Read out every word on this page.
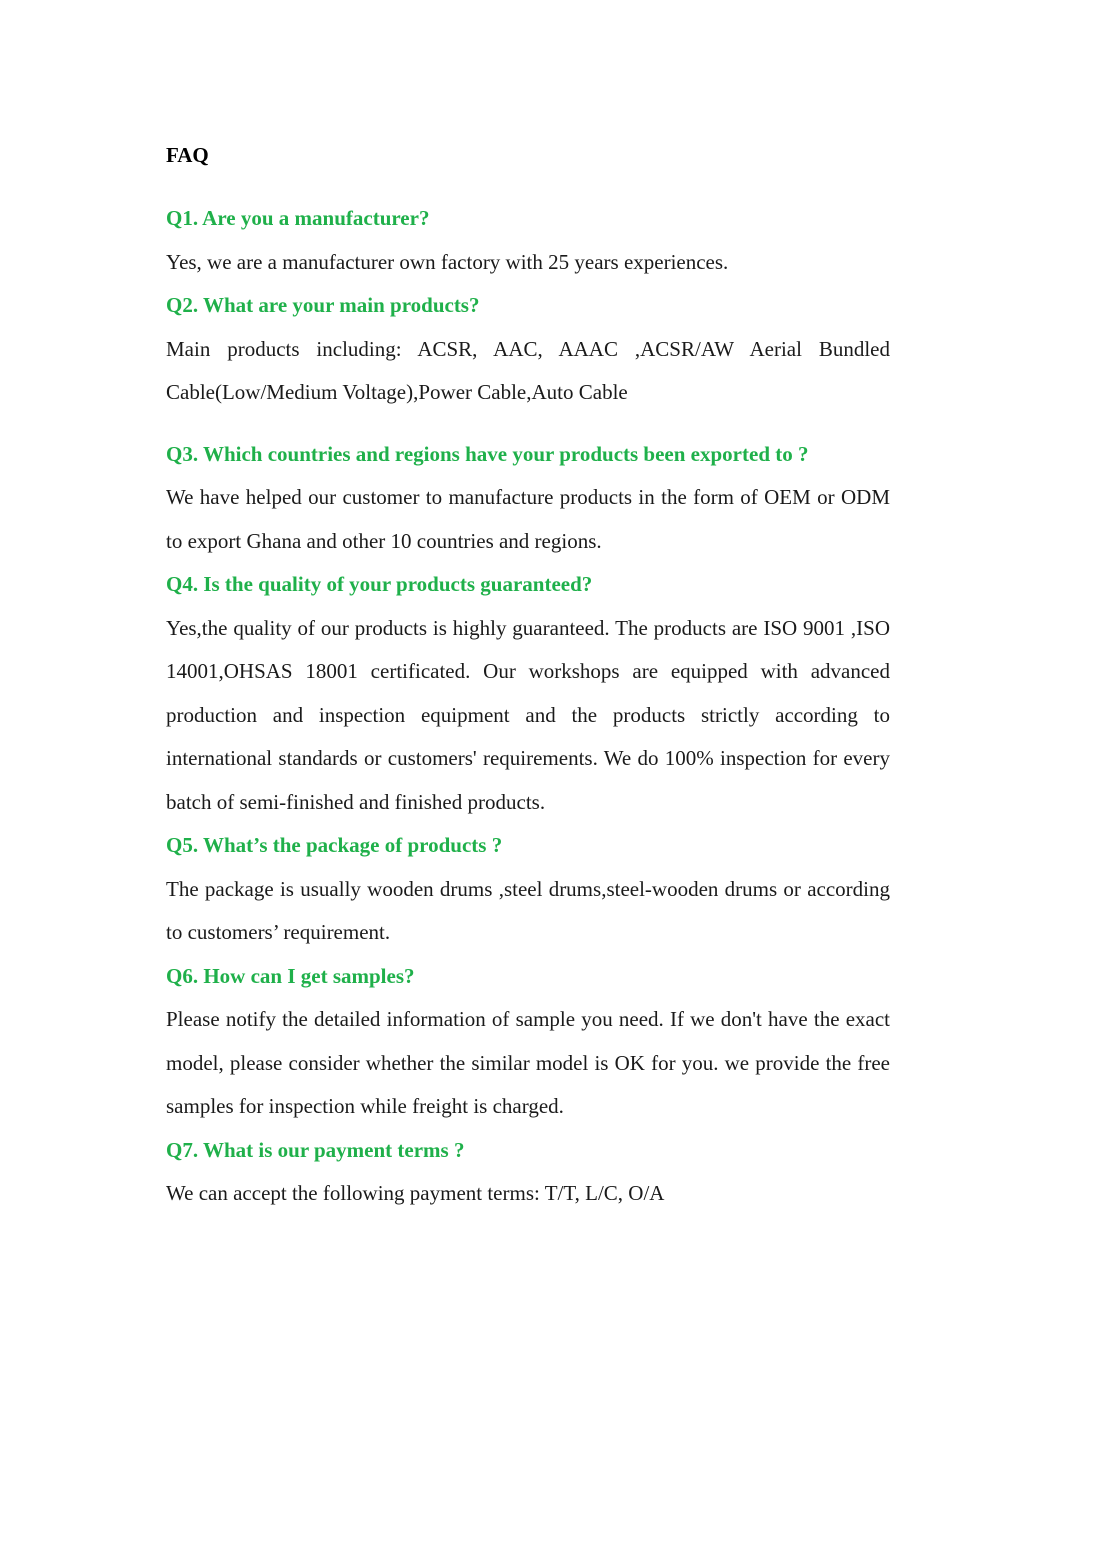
FAQ

Q1. Are you a manufacturer?

Yes, we are a manufacturer own factory with 25 years experiences.

Q2. What are your main products?

Main products including: ACSR, AAC, AAAC ,ACSR/AW Aerial Bundled Cable(Low/Medium Voltage),Power Cable,Auto Cable

Q3. Which countries and regions have your products been exported to ?

We have helped our customer to manufacture products in the form of OEM or ODM to export Ghana and other 10 countries and regions.

Q4. Is the quality of your products guaranteed?

Yes,the quality of our products is highly guaranteed. The products are ISO 9001 ,ISO 14001,OHSAS 18001 certificated. Our workshops are equipped with advanced production and inspection equipment and the products strictly according to international standards or customers' requirements. We do 100% inspection for every batch of semi-finished and finished products.

Q5. What’s the package of products ?

The package is usually wooden drums ,steel drums,steel-wooden drums or according to customers’ requirement.

Q6. How can I get samples?

Please notify the detailed information of sample you need. If we don't have the exact model, please consider whether the similar model is OK for you. we provide the free samples for inspection while freight is charged.

Q7. What is our payment terms ?

We can accept the following payment terms: T/T, L/C, O/A
